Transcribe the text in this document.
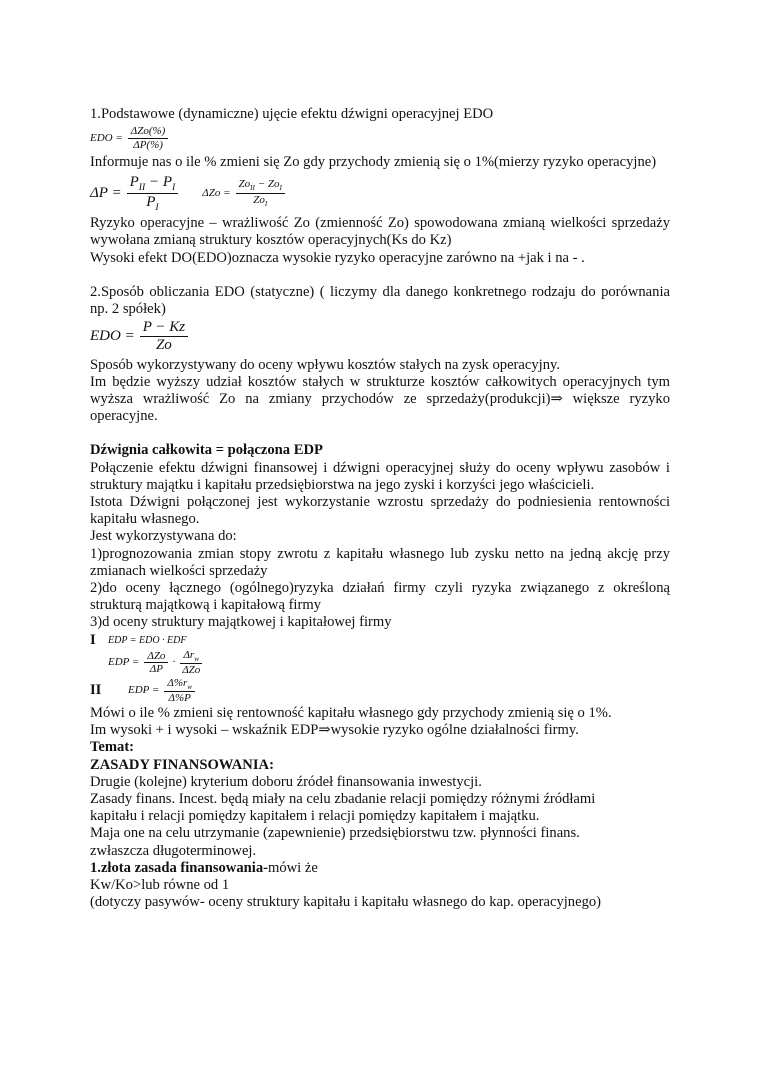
1.Podstawowe (dynamiczne) ujęcie efektu dźwigni operacyjnej EDO

EDO = $\frac{\text{ΔZo(\%)}}{\Delta P(\%)}$

Informuje nas o ile % zmieni się Zo gdy przychody zmienią się o 1%(mierzy ryzyko operacyjne)

$\Delta P = \frac{P_{II} - P_I}{P_I}$ $\Delta Zo = \frac{Zo_{II} - Zo_I}{Zo_I}$

Ryzyko operacyjne – wrażliwość Zo (zmienność Zo) spowodowana zmianą wielkości sprzedaży wywołana zmianą struktury kosztów operacyjnych(Ks do Kz)

Wysoki efekt DO(EDO)oznacza wysokie ryzyko operacyjne zarówno na +jak i na - .

2.Sposób obliczania EDO (statyczne) ( liczymy dla danego konkretnego rodzaju do porównania np. 2 spółek)

EDO = $\frac{P - Kz}{Zo}$

Sposób wykorzystywany do oceny wpływu kosztów stałych na zysk operacyjny.

Im będzie wyższy udział kosztów stałych w strukturze kosztów całkowitych operacyjnych tym wyższa wrażliwość Zo na zmiany przychodów ze sprzedaży(produkcji)⇒ większe ryzyko operacyjne.

Dźwignia całkowita = połączona EDP

Połączenie efektu dźwigni finansowej i dźwigni operacyjnej służy do oceny wpływu zasobów i struktury majątku i kapitału przedsiębiorstwa na jego zyski i korzyści jego właścicieli.

Istota Dźwigni połączonej jest wykorzystanie wzrostu sprzedaży do podniesienia rentowności kapitału własnego.

Jest wykorzystywana do:

1)prognozowania zmian stopy zwrotu z kapitału własnego lub zysku netto na jedną akcję przy zmianach wielkości sprzedaży

2)do oceny łącznego (ogólnego)ryzyka działań firmy czyli ryzyka związanego z określoną strukturą majątkową i kapitałową firmy

3)d oceny struktury majątkowej i kapitałowej firmy

I	EDP = EDO · EDF
EDP = $\frac{\text{ΔZo}}{\Delta P} \cdot \frac{\Delta r_w}{\text{ΔZo}}$
II	EDP = $\frac{\Delta\%r_w}{\Delta\%P}$

Mówi o ile % zmieni się rentowność kapitału własnego gdy przychody zmienią się o 1%.

Im wysoki + i wysoki – wskaźnik EDP⇒wysokie ryzyko ogólne działalności firmy.

Temat:

ZASADY FINANSOWANIA:

Drugie (kolejne) kryterium doboru źródeł finansowania inwestycji.

Zasady finans. Incest. będą miały na celu zbadanie relacji pomiędzy różnymi źródłami kapitału i relacji pomiędzy kapitałem i relacji pomiędzy kapitałem i majątku.

Maja one na celu utrzymanie (zapewnienie) przedsiębiorstwu tzw. płynności finans. zwłaszcza długoterminowej.

1.złota zasada finansowania-mówi że

Kw/Ko>lub równe od 1

(dotyczy pasywów- oceny struktury kapitału i kapitału własnego do kap. operacyjnego)
